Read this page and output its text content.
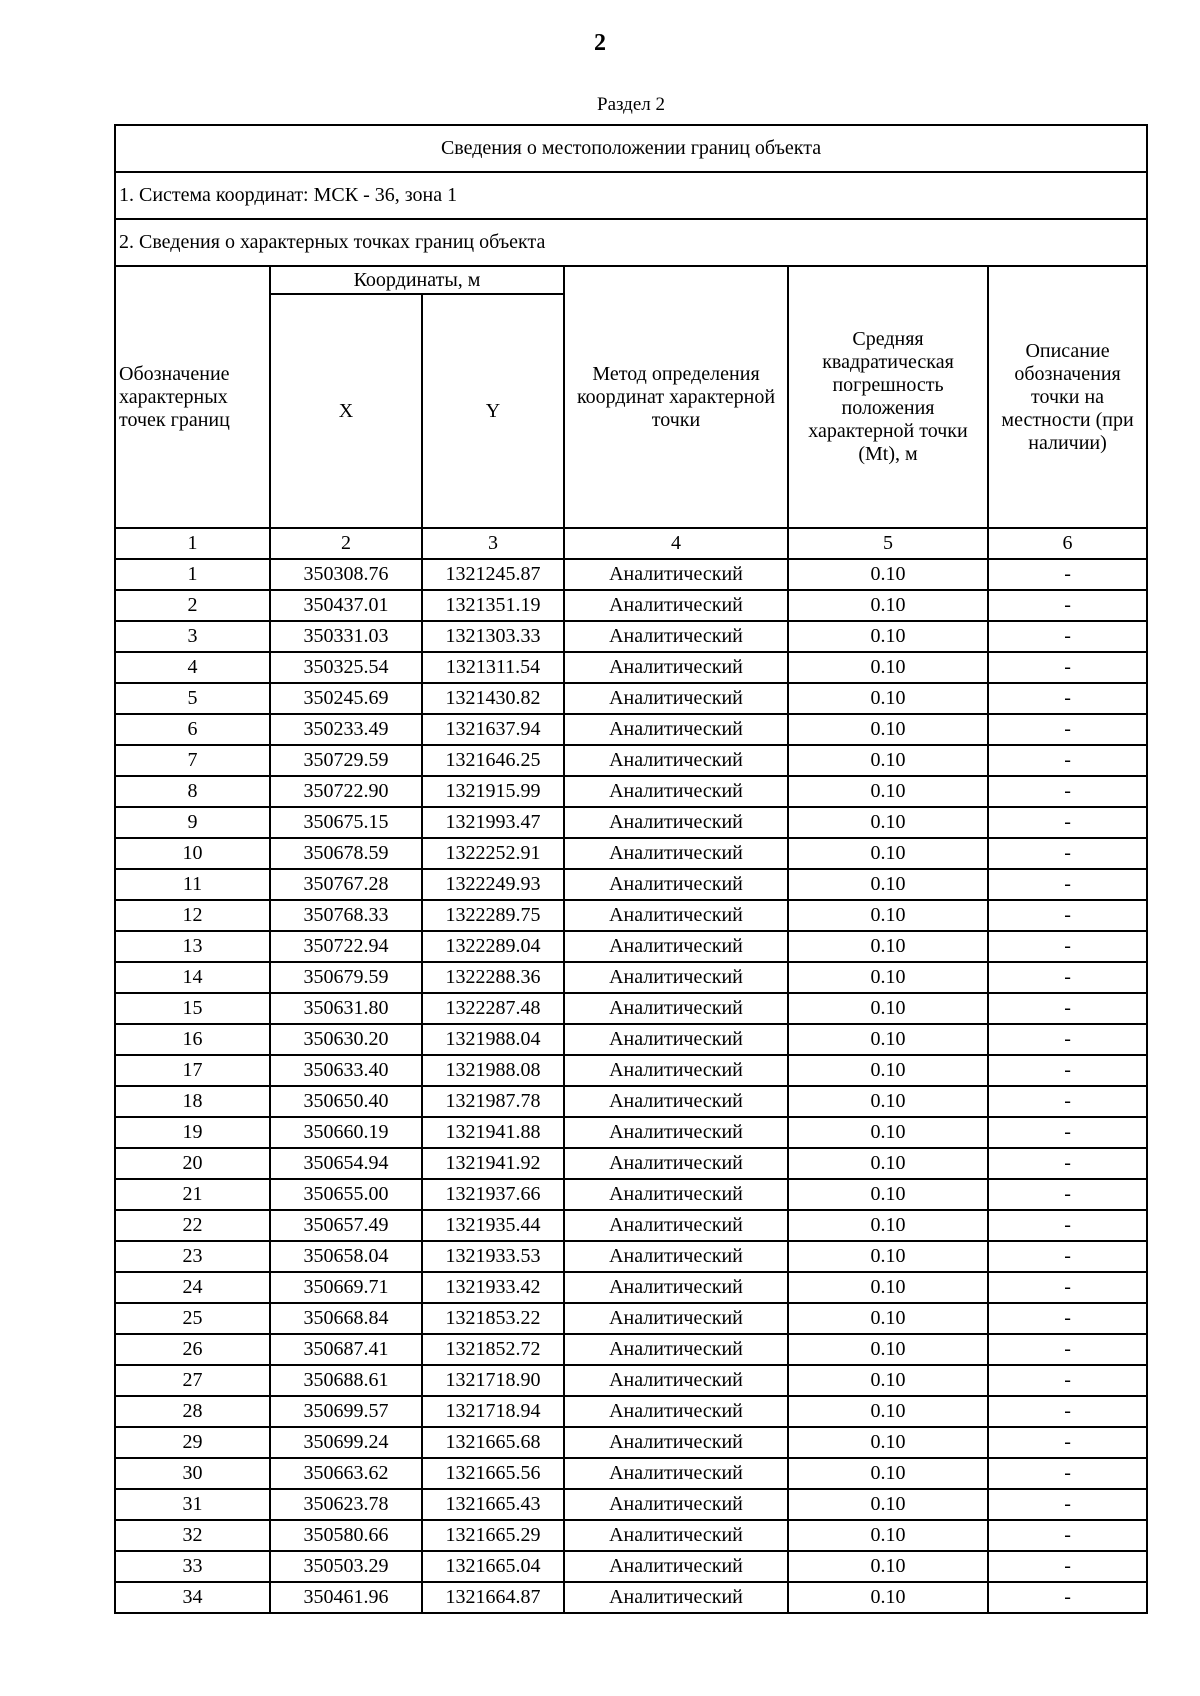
2
Раздел 2
Сведения о местоположении границ объекта					
1. Система координат: МСК - 36, зона 1					
2. Сведения о характерных точках границ объекта					
Обозначение характерных точек границ	Координаты, м		Метод определения координат характерной точки	Средняя квадратическая погрешность положения характерной точки (Mt), м	Описание обозначения точки на местности (при наличии)
	X	Y			
1	2	3	4	5	6
1	350308.76	1321245.87	Аналитический	0.10	-
2	350437.01	1321351.19	Аналитический	0.10	-
3	350331.03	1321303.33	Аналитический	0.10	-
4	350325.54	1321311.54	Аналитический	0.10	-
5	350245.69	1321430.82	Аналитический	0.10	-
6	350233.49	1321637.94	Аналитический	0.10	-
7	350729.59	1321646.25	Аналитический	0.10	-
8	350722.90	1321915.99	Аналитический	0.10	-
9	350675.15	1321993.47	Аналитический	0.10	-
10	350678.59	1322252.91	Аналитический	0.10	-
11	350767.28	1322249.93	Аналитический	0.10	-
12	350768.33	1322289.75	Аналитический	0.10	-
13	350722.94	1322289.04	Аналитический	0.10	-
14	350679.59	1322288.36	Аналитический	0.10	-
15	350631.80	1322287.48	Аналитический	0.10	-
16	350630.20	1321988.04	Аналитический	0.10	-
17	350633.40	1321988.08	Аналитический	0.10	-
18	350650.40	1321987.78	Аналитический	0.10	-
19	350660.19	1321941.88	Аналитический	0.10	-
20	350654.94	1321941.92	Аналитический	0.10	-
21	350655.00	1321937.66	Аналитический	0.10	-
22	350657.49	1321935.44	Аналитический	0.10	-
23	350658.04	1321933.53	Аналитический	0.10	-
24	350669.71	1321933.42	Аналитический	0.10	-
25	350668.84	1321853.22	Аналитический	0.10	-
26	350687.41	1321852.72	Аналитический	0.10	-
27	350688.61	1321718.90	Аналитический	0.10	-
28	350699.57	1321718.94	Аналитический	0.10	-
29	350699.24	1321665.68	Аналитический	0.10	-
30	350663.62	1321665.56	Аналитический	0.10	-
31	350623.78	1321665.43	Аналитический	0.10	-
32	350580.66	1321665.29	Аналитический	0.10	-
33	350503.29	1321665.04	Аналитический	0.10	-
34	350461.96	1321664.87	Аналитический	0.10	-
